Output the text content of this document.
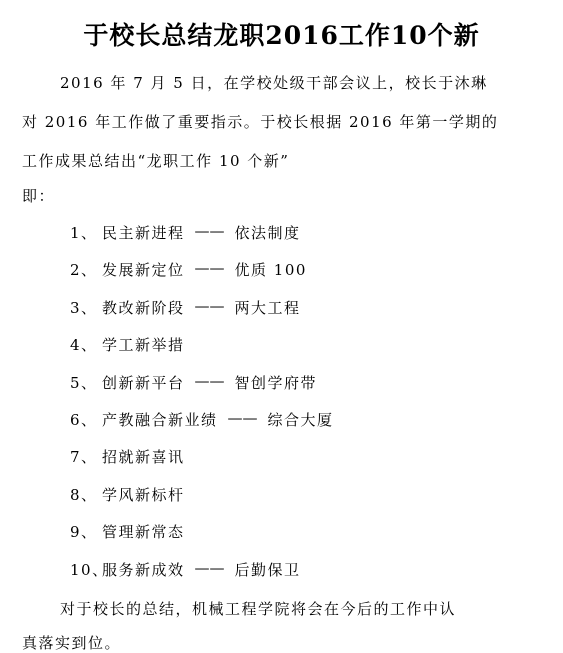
于校长总结龙职2016工作10个新
2016 年 7 月 5 日，在学校处级干部会议上，校长于沐琳
对 2016 年工作做了重要指示。于校长根据 2016 年第一学期的
工作成果总结出“龙职工作 10 个新”
即：
1、 民主新进程 —— 依法制度
2、 发展新定位 —— 优质 100
3、 教改新阶段 —— 两大工程
4、 学工新举措
5、 创新新平台 —— 智创学府带
6、 产教融合新业绩 —— 综合大厦
7、 招就新喜讯
8、 学风新标杆
9、 管理新常态
10、
服务新成效 —— 后勤保卫
对于校长的总结，机械工程学院将会在今后的工作中认
真落实到位。
